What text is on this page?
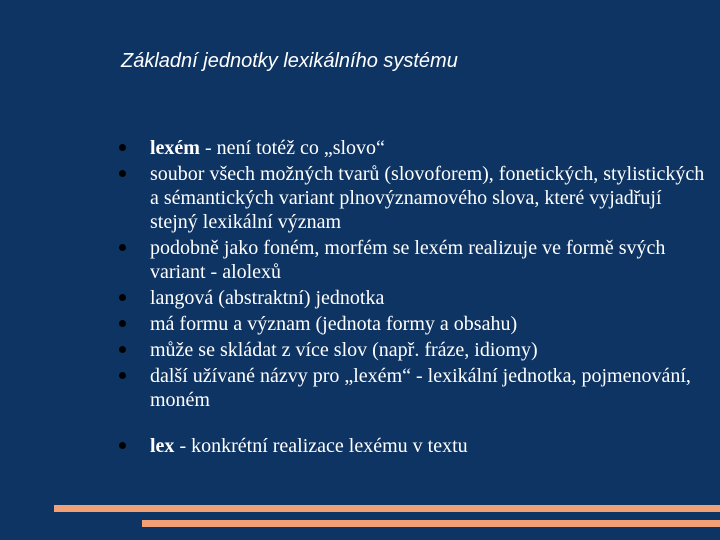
Základní jednotky lexikálního systému
lexém - není totéž co „slovo“
soubor všech možných tvarů (slovoforem), fonetických, stylistických a sémantických variant plnovýznamového slova, které vyjadřují stejný lexikální význam
podobně jako foném, morfém se lexém realizuje ve formě svých variant - alolexů
langová (abstraktní) jednotka
má formu a význam (jednota formy a obsahu)
může se skládat z více slov (např. fráze, idiomy)
další užívané názvy pro „lexém“ - lexikální jednotka, pojmenování, moném
lex - konkrétní realizace lexému v textu
